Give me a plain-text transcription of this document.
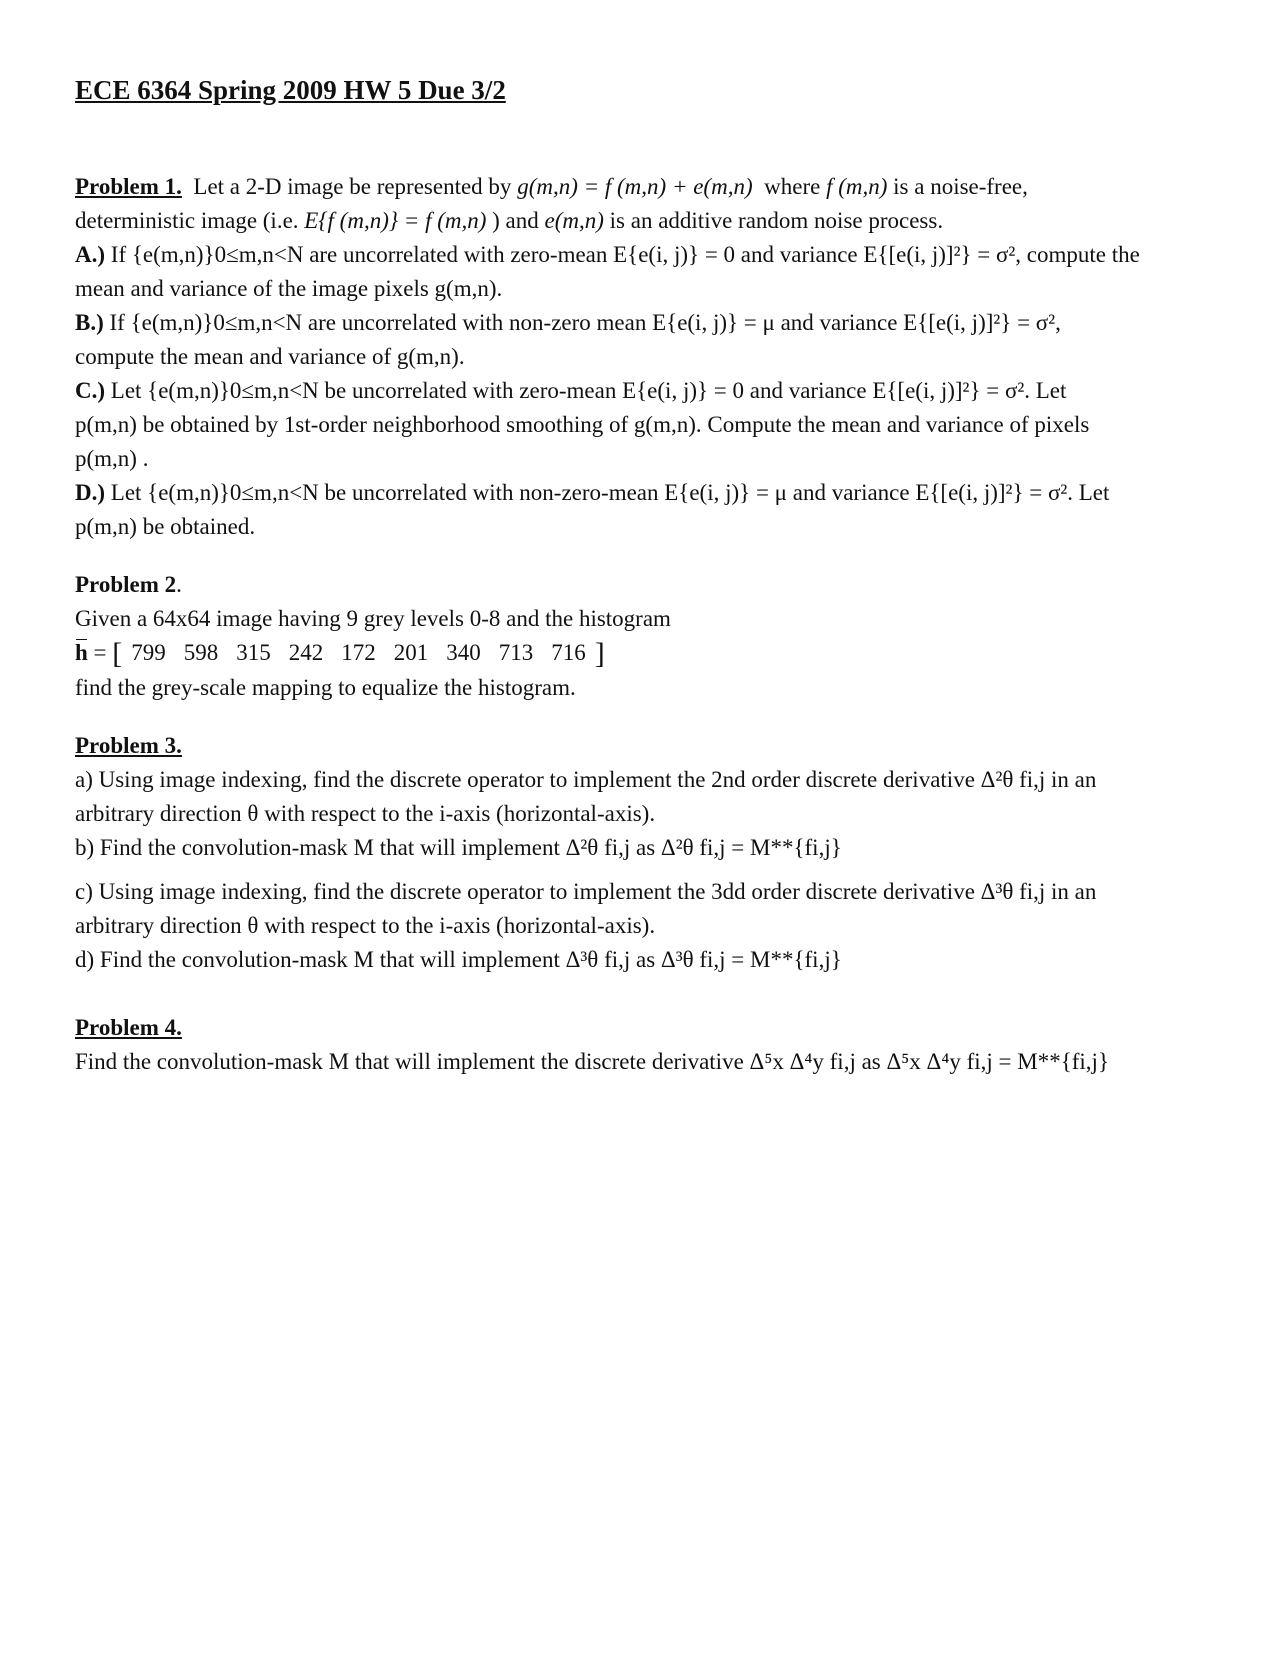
ECE 6364 Spring 2009 HW 5 Due 3/2

Problem 1. Let a 2-D image be represented by g(m,n) = f (m,n) + e(m,n) where f (m,n) is a noise-free,

deterministic image (i.e. E{f (m,n)} = f (m,n) ) and e(m,n) is an additive random noise process.

A.) If {e(m,n)}0≤m,n<N are uncorrelated with zero-mean E{e(i, j)} = 0 and variance E{[e(i, j)]²} = σ², compute the

mean and variance of the image pixels g(m,n).

B.) If {e(m,n)}0≤m,n<N are uncorrelated with non-zero mean E{e(i, j)} = μ and variance E{[e(i, j)]²} = σ²,

compute the mean and variance of g(m,n).

C.) Let {e(m,n)}0≤m,n<N be uncorrelated with zero-mean E{e(i, j)} = 0 and variance E{[e(i, j)]²} = σ². Let

p(m,n) be obtained by 1st-order neighborhood smoothing of g(m,n). Compute the mean and variance of pixels

p(m,n) .

D.) Let {e(m,n)}0≤m,n<N be uncorrelated with non-zero-mean E{e(i, j)} = μ and variance E{[e(i, j)]²} = σ². Let

p(m,n) be obtained.

Problem 2.

Given a 64x64 image having 9 grey levels 0-8 and the histogram

h = [ 799 598 315 242 172 201 340 713 716 ]

find the grey-scale mapping to equalize the histogram.

Problem 3.

a) Using image indexing, find the discrete operator to implement the 2nd order discrete derivative Δ²θ fi,j in an

arbitrary direction θ with respect to the i-axis (horizontal-axis).

b) Find the convolution-mask M that will implement Δ²θ fi,j as Δ²θ fi,j = M**{fi,j}

c) Using image indexing, find the discrete operator to implement the 3dd order discrete derivative Δ³θ fi,j in an

arbitrary direction θ with respect to the i-axis (horizontal-axis).

d) Find the convolution-mask M that will implement Δ³θ fi,j as Δ³θ fi,j = M**{fi,j}

Problem 4.

Find the convolution-mask M that will implement the discrete derivative Δ⁵x Δ⁴y fi,j as Δ⁵x Δ⁴y fi,j = M**{fi,j}
